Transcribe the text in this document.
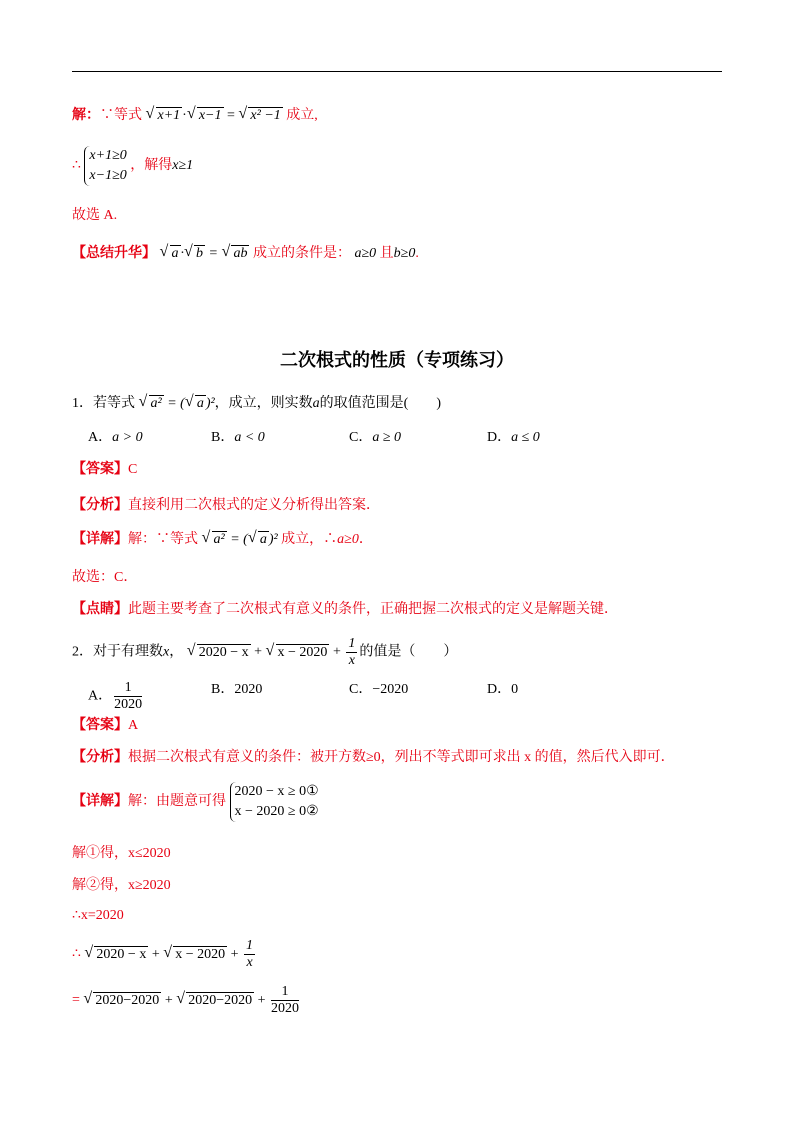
解：∵等式 √ x+1 · √ x−1 = √ x² −1 成立,
∴
x+1≥0
x−1≥0
，解得x≥1
故选 A.
【总结升华】 √ a · √ b = √ ab 成立的条件是： a≥0 且b≥0.
二次根式的性质（专项练习）
1．若等式 √ a² = ( √ a )²，成立，则实数a的取值范围是(　　)
A．a > 0	B．a < 0	C．a ≥ 0	D．a ≤ 0
【答案】C
【分析】直接利用二次根式的定义分析得出答案．
【详解】解：∵等式 √ a² = ( √ a )² 成立，∴a≥0．
故选：C．
【点睛】此题主要考查了二次根式有意义的条件，正确把握二次根式的定义是解题关键．
2．对于有理数x， √ 2020 − x + √ $x - 2020 + \frac{1}{x}$ 的值是（　　）
A． $\frac{1}{2020}$	B．2020	C．−2020	D．0
【答案】A
【分析】根据二次根式有意义的条件：被开方数≥0，列出不等式即可求出 x 的值，然后代入即可．
【详解】解：由题意可得
2020 − x ≥ 0①
x − 2020 ≥ 0②
解①得，x≤2020
解②得，x≥2020
∴x=2020
∴ √ 2020 − x + √ $x - 2020 + \frac{1}{x}$
= √ 2020−2020 + √ $2020-2020 + \frac{1}{2020}$
